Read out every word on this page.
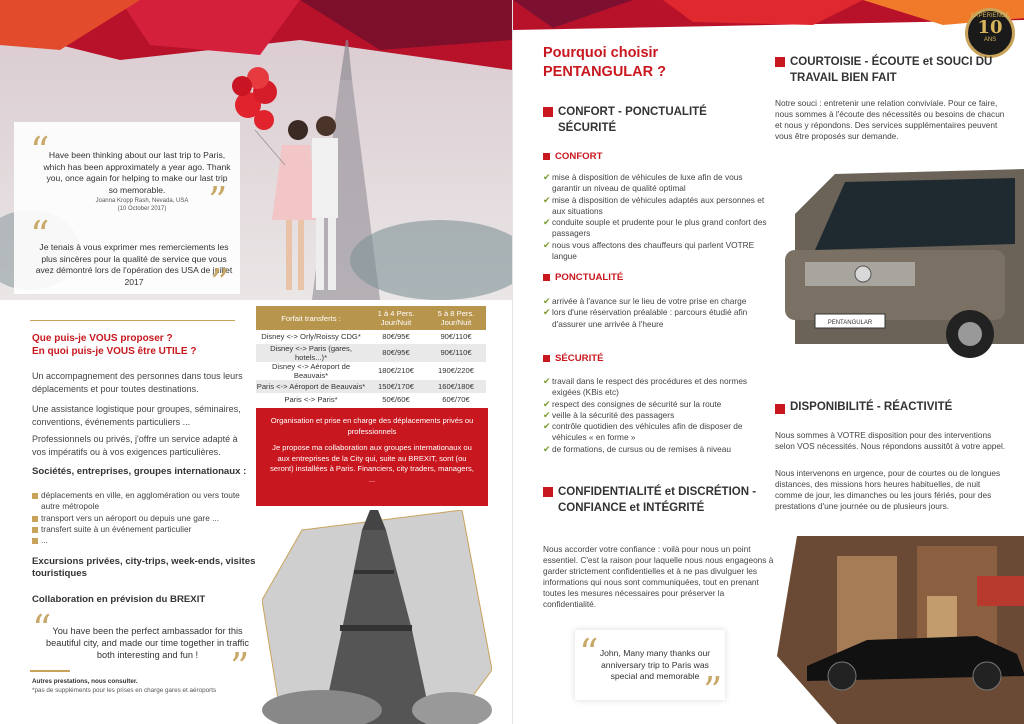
“ Have been thinking about our last trip to Paris, which has been approximately a year ago. Thank you, once again for helping to make our last trip so memorable.
Joanna Kropp Rash, Nevada, USA
(10 October 2017)	”
“
Je tenais à vous exprimer mes remerciements les plus sincères pour la qualité de service que vous avez démontré lors de l'opération des USA de juillet 2017	”
Que puis-je VOUS proposer ?
En quoi puis-je VOUS être UTILE ?
Un accompagnement des personnes dans tous leurs déplacements et pour toutes destinations.
Une assistance logistique pour groupes, séminaires, conventions, événements particuliers ...
Professionnels ou privés, j'offre un service adapté à vos impératifs ou à vos exigences particulières.
Sociétés, entreprises, groupes internationaux :
déplacements en ville, en agglomération ou vers toute autre métropole
transport vers un aéroport ou depuis une gare ...
transfert suite à un événement particulier
...
Excursions privées, city-trips, week-ends, visites touristiques
Collaboration en prévision du BREXIT
“ You have been the perfect ambassador for this beautiful city, and made our time together in traffic both interesting and fun ! ”
Autres prestations, nous consulter.
*pas de suppléments pour les prises en charge gares et aéroports
Forfait transferts :	1 à 4 Pers. Jour/Nuit	5 à 8 Pers. Jour/Nuit
Disney <-> Orly/Roissy CDG*	80€/95€	90€/110€
Disney <-> Paris (gares, hotels...)*	80€/95€	90€/110€
Disney <-> Aéroport de Beauvais*	180€/210€	190€/220€
Paris <-> Aéroport de Beauvais*	150€/170€	160€/180€
Paris <-> Paris*	50€/60€	60€/70€
Organisation et prise en charge des déplacements privés ou professionnels
Je propose ma collaboration aux groupes internationaux ou aux entreprises de la City qui, suite au BREXIT, sont (ou seront) installées à Paris. Financiers, city traders, managers, ...
EXPERIENCE
10
ANS
Pourquoi choisir
PENTANGULAR ?
CONFORT - PONCTUALITÉ SÉCURITÉ
CONFORT
✔ mise à disposition de véhicules de luxe afin de vous garantir un niveau de qualité optimal
✔ mise à disposition de véhicules adaptés aux personnes et aux situations
✔ conduite souple et prudente pour le plus grand confort des passagers
✔ nous vous affectons des chauffeurs qui parlent VOTRE langue
PONCTUALITÉ
✔ arrivée à l'avance sur le lieu de votre prise en charge
✔ lors d'une réservation préalable : parcours étudié afin d'assurer une arrivée à l'heure
SÉCURITÉ
✔ travail dans le respect des procédures et des normes exigées (KBis etc)
✔ respect des consignes de sécurité sur la route
✔ veille à la sécurité des passagers
✔ contrôle quotidien des véhicules afin de disposer de véhicules « en forme »
✔ de formations, de cursus ou de remises à niveau
CONFIDENTIALITÉ et DISCRÉTION - CONFIANCE et INTÉGRITÉ
Nous accorder votre confiance : voilà pour nous un point essentiel. C'est la raison pour laquelle nous nous engageons à garder strictement confidentielles et à ne pas divulguer les informations qui nous sont communiquées, tout en prenant toutes les mesures nécessaires pour préserver la confidentialité.
“ John, Many many thanks our anniversary trip to Paris was special and memorable ”
COURTOISIE - ÉCOUTE et SOUCI DU TRAVAIL BIEN FAIT
Notre souci : entretenir une relation conviviale. Pour ce faire, nous sommes à l'écoute des nécessités ou besoins de chacun et nous y répondons. Des services supplémentaires peuvent vous être proposés sur demande.
PENTANGULAR
DISPONIBILITÉ - RÉACTIVITÉ
Nous sommes à VOTRE disposition pour des interventions selon VOS nécessités. Nous répondons aussitôt à votre appel.
Nous intervenons en urgence, pour de courtes ou de longues distances, des missions hors heures habituelles, de nuit comme de jour, les dimanches ou les jours fériés, pour des prestations d'une journée ou de plusieurs jours.
